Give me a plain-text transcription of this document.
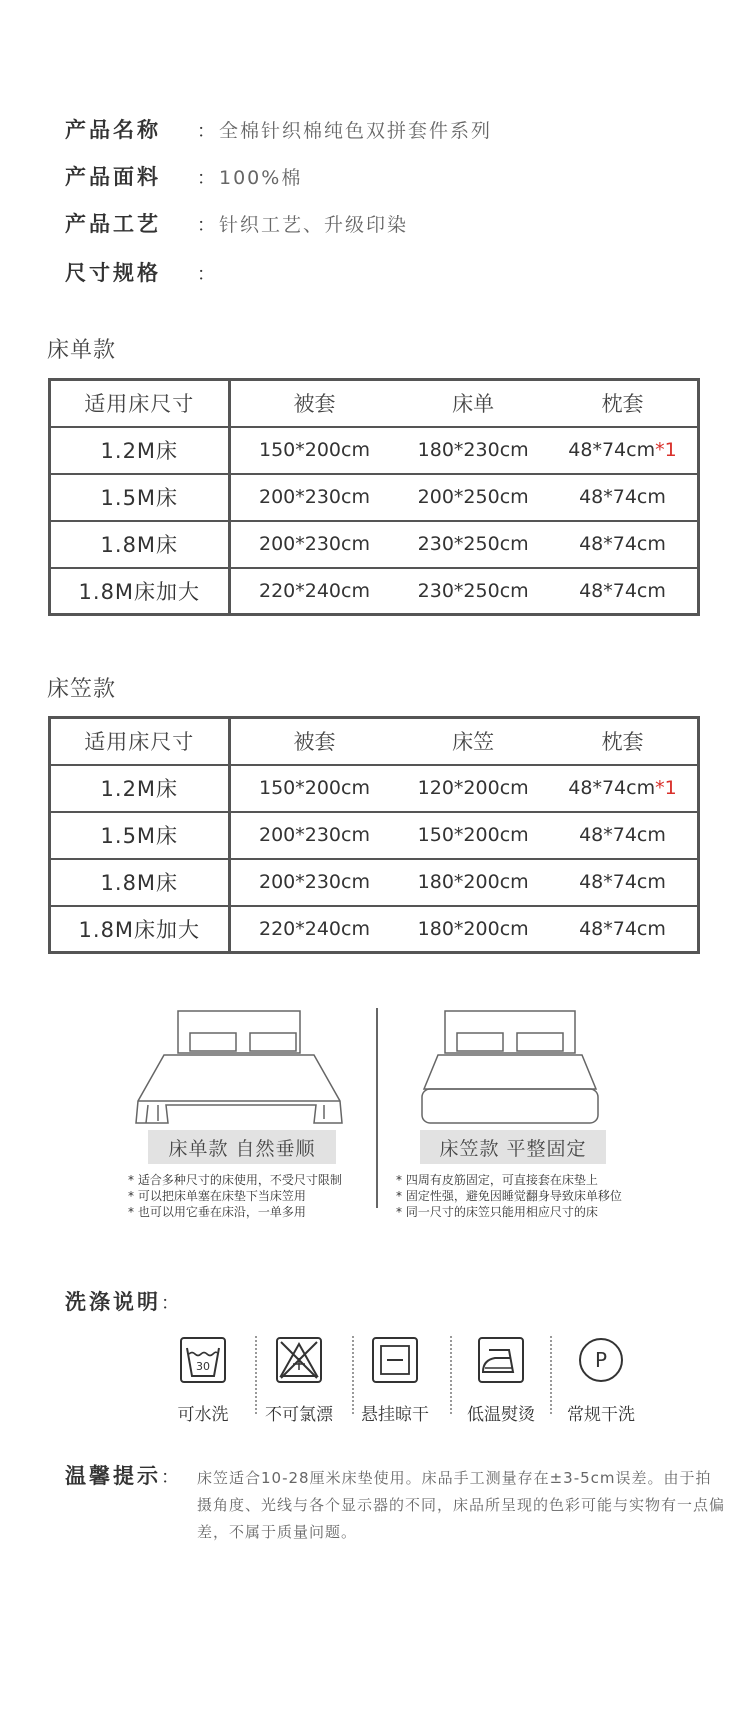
产品名称	： 全棉针织棉纯色双拼套件系列
产品面料	： 100%棉
产品工艺	： 针织工艺、升级印染
尺寸规格	：
床单款
适用床尺寸	被套	床单	枕套
1.2M床	150*200cm	180*230cm	48*74cm*1
1.5M床	200*230cm	200*250cm	48*74cm
1.8M床	200*230cm	230*250cm	48*74cm
1.8M床加大	220*240cm	230*250cm	48*74cm
床笠款
适用床尺寸	被套	床笠	枕套
1.2M床	150*200cm	120*200cm	48*74cm*1
1.5M床	200*230cm	150*200cm	48*74cm
1.8M床	200*230cm	180*200cm	48*74cm
1.8M床加大	220*240cm	180*200cm	48*74cm
床单款 自然垂顺	床笠款 平整固定
* 适合多种尺寸的床使用，不受尺寸限制
* 可以把床单塞在床垫下当床笠用
* 也可以用它垂在床沿，一单多用
* 四周有皮筋固定，可直接套在床垫上
* 固定性强，避免因睡觉翻身导致床单移位
* 同一尺寸的床笠只能用相应尺寸的床
洗涤说明：
30
可水洗	不可氯漂	悬挂晾干	低温熨烫
P
常规干洗
温馨提示： 床笠适合10-28厘米床垫使用。床品手工测量存在±3-5cm误差。由于拍摄角度、光线与各个显示器的不同，床品所呈现的色彩可能与实物有一点偏差，不属于质量问题。
